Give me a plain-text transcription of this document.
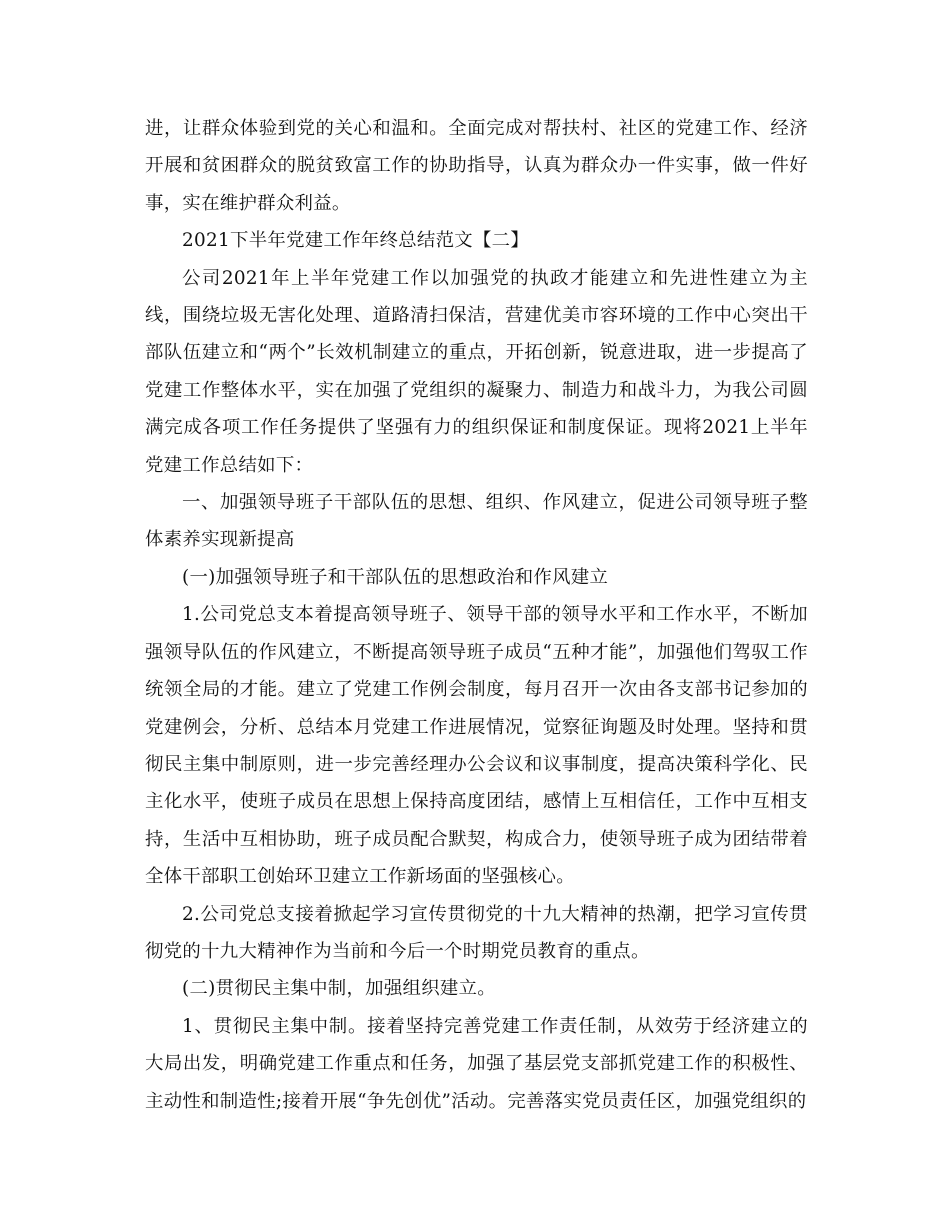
进，让群众体验到党的关心和温和。全面完成对帮扶村、社区的党建工作、经济开展和贫困群众的脱贫致富工作的协助指导，认真为群众办一件实事，做一件好事，实在维护群众利益。

2021下半年党建工作年终总结范文【二】

公司2021年上半年党建工作以加强党的执政才能建立和先进性建立为主线，围绕垃圾无害化处理、道路清扫保洁，营建优美市容环境的工作中心突出干部队伍建立和“两个”长效机制建立的重点，开拓创新，锐意进取，进一步提高了党建工作整体水平，实在加强了党组织的凝聚力、制造力和战斗力，为我公司圆满完成各项工作任务提供了坚强有力的组织保证和制度保证。现将2021上半年党建工作总结如下：

一、加强领导班子干部队伍的思想、组织、作风建立，促进公司领导班子整体素养实现新提高

(一)加强领导班子和干部队伍的思想政治和作风建立

1.公司党总支本着提高领导班子、领导干部的领导水平和工作水平，不断加强领导队伍的作风建立，不断提高领导班子成员“五种才能”，加强他们驾驭工作统领全局的才能。建立了党建工作例会制度，每月召开一次由各支部书记参加的党建例会，分析、总结本月党建工作进展情况，觉察征询题及时处理。坚持和贯彻民主集中制原则，进一步完善经理办公会议和议事制度，提高决策科学化、民主化水平，使班子成员在思想上保持高度团结，感情上互相信任，工作中互相支持，生活中互相协助，班子成员配合默契，构成合力，使领导班子成为团结带着全体干部职工创始环卫建立工作新场面的坚强核心。

2.公司党总支接着掀起学习宣传贯彻党的十九大精神的热潮，把学习宣传贯彻党的十九大精神作为当前和今后一个时期党员教育的重点。

(二)贯彻民主集中制，加强组织建立。

1、贯彻民主集中制。接着坚持完善党建工作责任制，从效劳于经济建立的大局出发，明确党建工作重点和任务，加强了基层党支部抓党建工作的积极性、主动性和制造性;接着开展“争先创优”活动。完善落实党员责任区，加强党组织的
